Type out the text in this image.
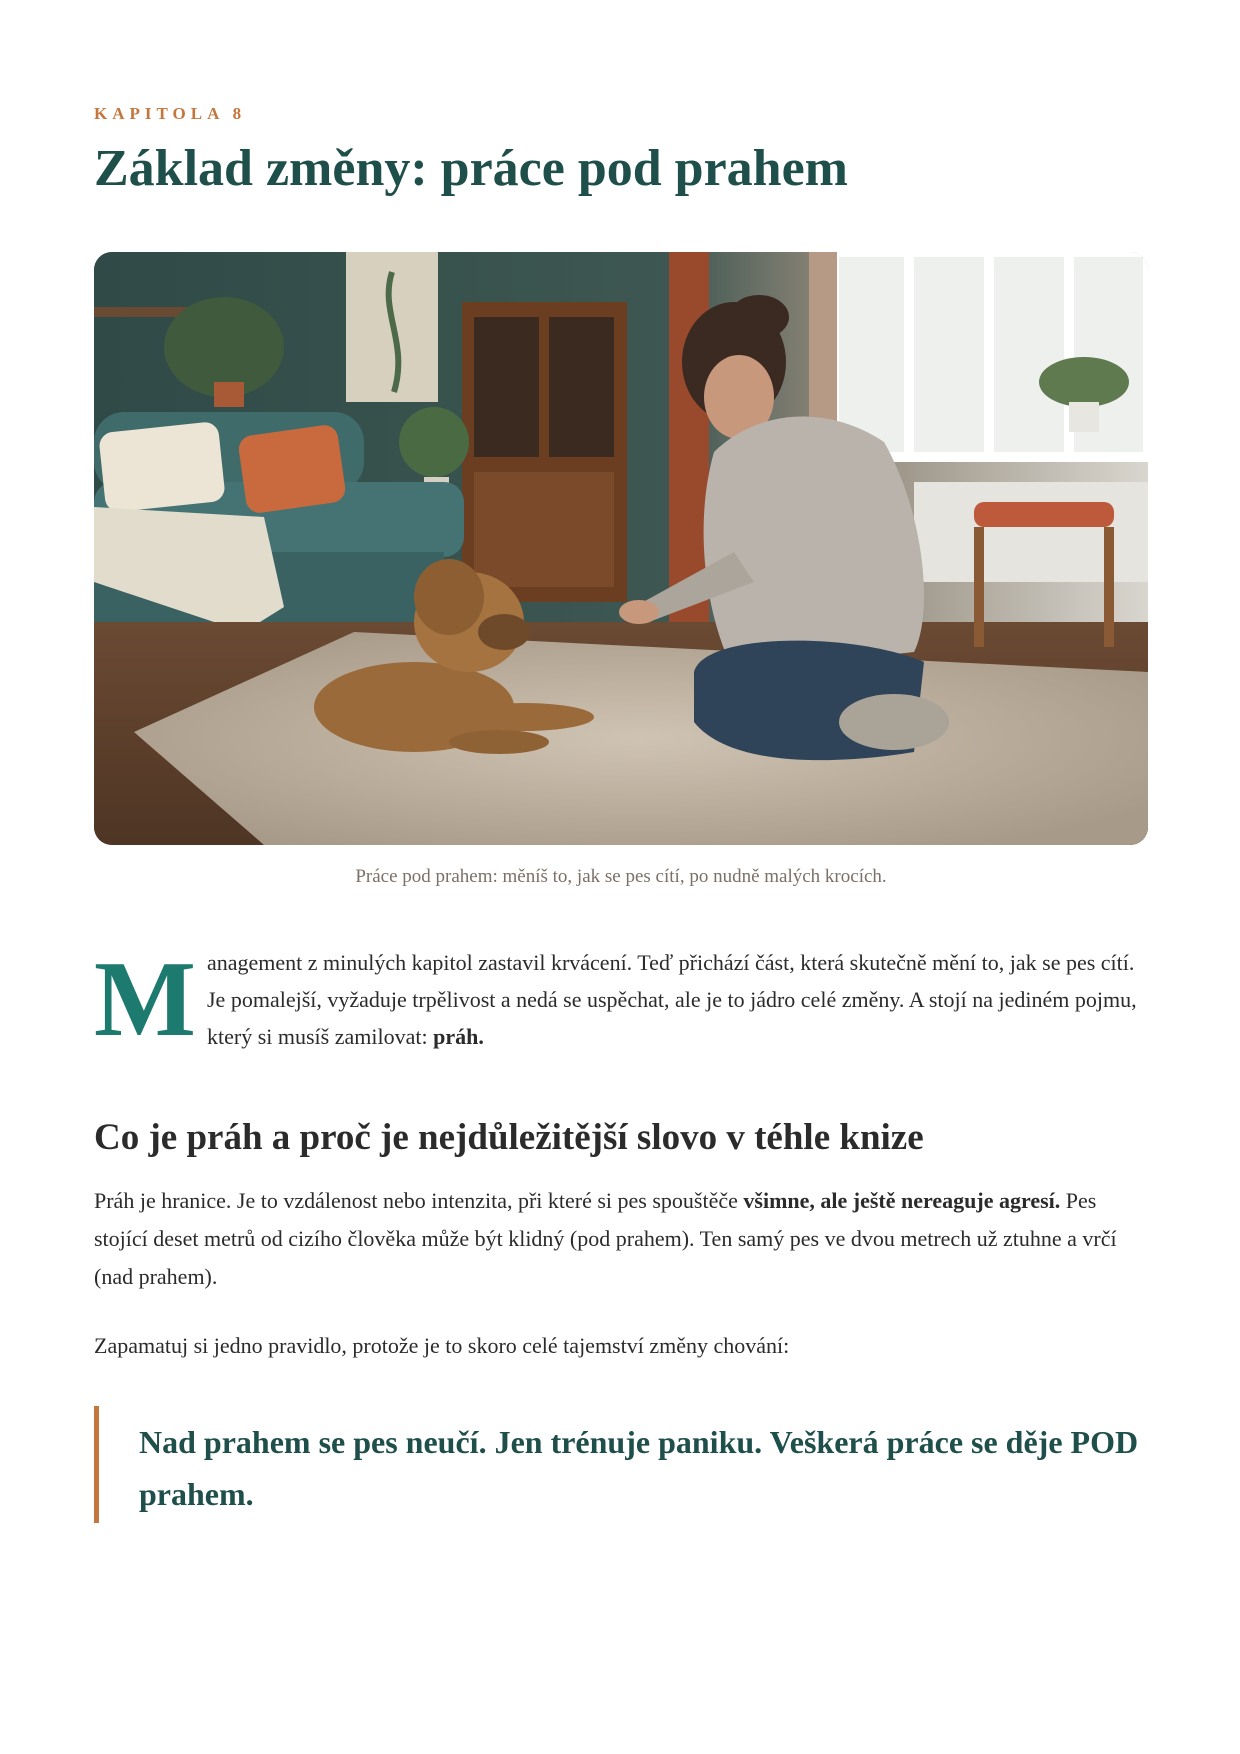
KAPITOLA 8
Základ změny: práce pod prahem
Práce pod prahem: měníš to, jak se pes cítí, po nudně malých krocích.
M anagement z minulých kapitol zastavil krvácení. Teď přichází část, která skutečně mění to, jak se pes cítí. Je pomalejší, vyžaduje trpělivost a nedá se uspěchat, ale je to jádro celé změny. A stojí na jediném pojmu, který si musíš zamilovat: práh.

Co je práh a proč je nejdůležitější slovo v téhle knize

Práh je hranice. Je to vzdálenost nebo intenzita, při které si pes spouštěče všimne, ale ještě nereaguje agresí. Pes stojící deset metrů od cizího člověka může být klidný (pod prahem). Ten samý pes ve dvou metrech už ztuhne a vrčí (nad prahem).

Zapamatuj si jedno pravidlo, protože je to skoro celé tajemství změny chování:

Nad prahem se pes neučí. Jen trénuje paniku. Veškerá práce se děje POD prahem.
